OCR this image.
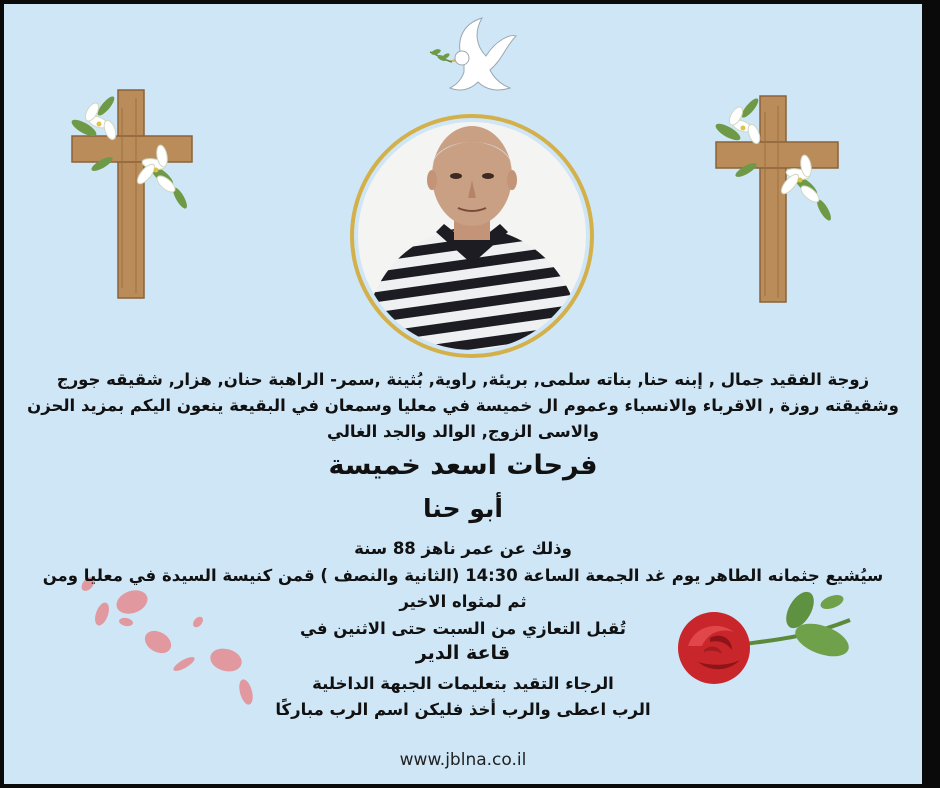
زوجة الفقيد جمال , إبنه حنا, بناته سلمى, بريئة, راوية, بُثينة ,سمر- الراهبة حنان, هزار, شقيقه جورج
وشقيقته روزة , الاقرباء والانسباء وعموم ال خميسة في معليا وسمعان في البقيعة ينعون اليكم بمزيد الحزن
والاسى الزوج, الوالد والجد الغالي
فرحات اسعد خميسة
أبو حنا
وذلك عن عمر ناهز 88 سنة
سيُشيع جثمانه الطاهر يوم غد الجمعة الساعة 14:30 (الثانية والنصف ) قمن كنيسة السيدة في معليا ومن
ثم لمثواه الاخير
تُقبل التعازي من السبت حتى الاثنين في
قاعة الدير
الرجاء التقيد بتعليمات الجبهة الداخلية
الرب اعطى والرب أخذ فليكن اسم الرب مباركًا
www.jblna.co.il
